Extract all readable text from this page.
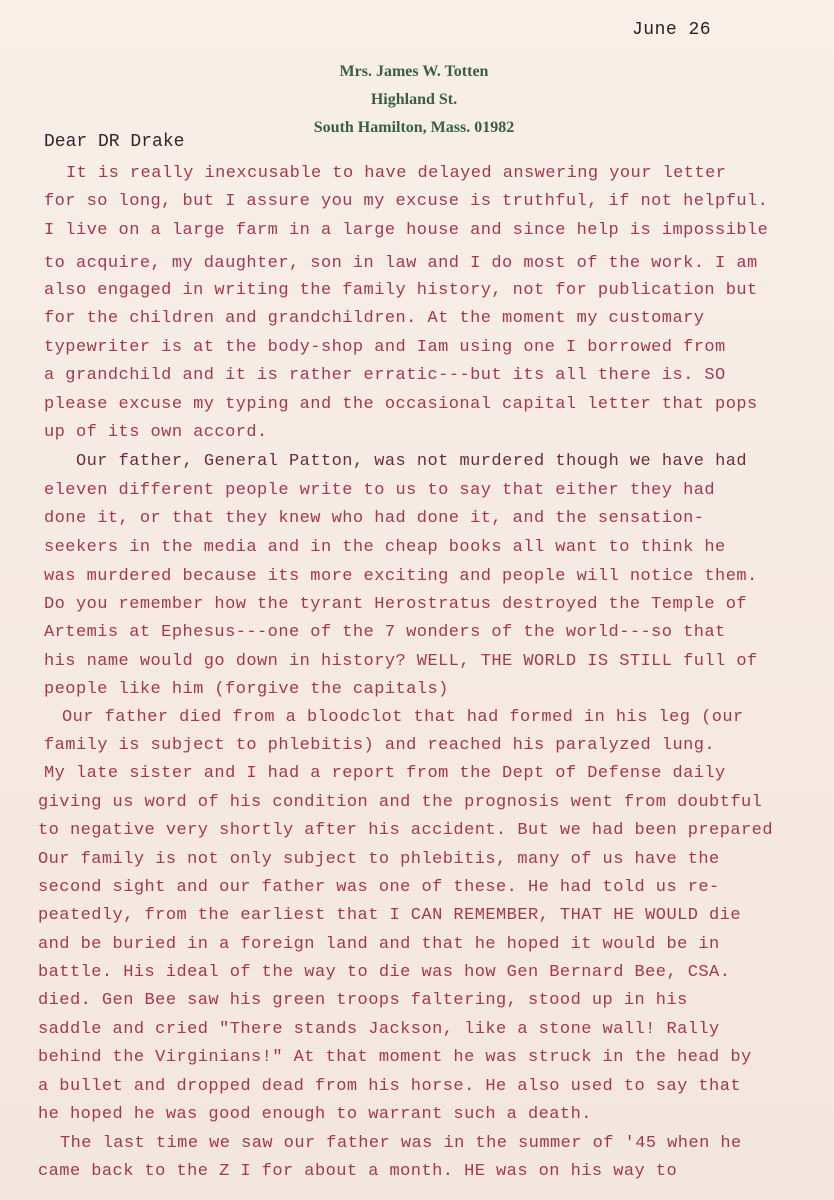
June 26
Mrs. James W. Totten
Highland St.
South Hamilton, Mass. 01982
Dear DR Drake
It is really inexcusable to have delayed answering your letter
for so long, but I assure you my excuse is truthful, if not helpful.
I live on a large farm in a large house and since help is impossible
to acquire, my daughter, son in law and I do most of the work. I am
also engaged in writing the family history, not for publication but
for the children and grandchildren. At the moment my customary
typewriter is at the body-shop and Iam using one I borrowed from
a grandchild and it is rather erratic---but its all there is. SO
please excuse my typing and the occasional capital letter that pops
up of its own accord.
Our father, General Patton, was not murdered though we have had
eleven different people write to us to say that either they had
done it, or that they knew who had done it, and the sensation-
seekers in the media and in the cheap books all want to think he
was murdered because its more exciting and people will notice them.
Do you remember how the tyrant Herostratus destroyed the Temple of
Artemis at Ephesus---one of the 7 wonders of the world---so that
his name would go down in history? WELL, THE WORLD IS STILL full of
people like him (forgive the capitals)
Our father died from a bloodclot that had formed in his leg (our
family is subject to phlebitis) and reached his paralyzed lung.
My late sister and I had a report from the Dept of Defense daily
giving us word of his condition and the prognosis went from doubtful
to negative very shortly after his accident. But we had been prepared
Our family is not only subject to phlebitis, many of us have the
second sight and our father was one of these. He had told us re-
peatedly, from the earliest that I CAN REMEMBER, THAT HE WOULD die
and be buried in a foreign land and that he hoped it would be in
battle. His ideal of the way to die was how Gen Bernard Bee, CSA.
died. Gen Bee saw his green troops faltering, stood up in his
saddle and cried "There stands Jackson, like a stone wall! Rally
behind the Virginians!" At that moment he was struck in the head by
a bullet and dropped dead from his horse. He also used to say that
he hoped he was good enough to warrant such a death.
The last time we saw our father was in the summer of '45 when he
came back to the Z I for about a month. HE was on his way to
